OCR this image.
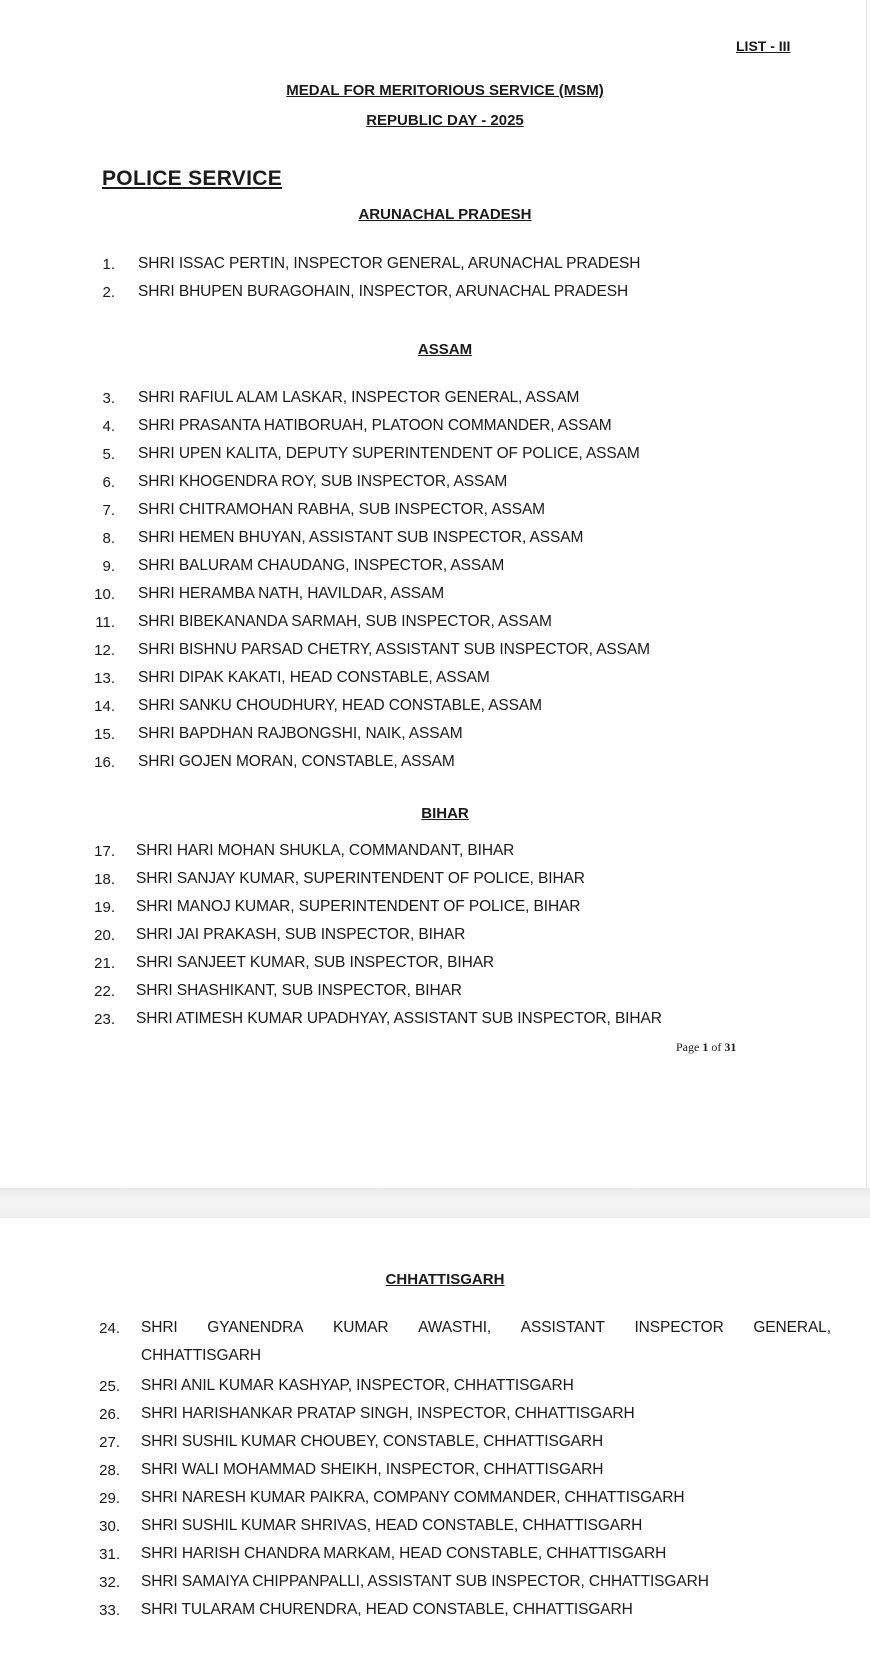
LIST - III
MEDAL FOR MERITORIOUS SERVICE (MSM)
REPUBLIC DAY - 2025
POLICE SERVICE
ARUNACHAL PRADESH
1. SHRI ISSAC PERTIN, INSPECTOR GENERAL, ARUNACHAL PRADESH
2. SHRI BHUPEN BURAGOHAIN, INSPECTOR, ARUNACHAL PRADESH
ASSAM
3. SHRI RAFIUL ALAM LASKAR, INSPECTOR GENERAL, ASSAM
4. SHRI PRASANTA HATIBORUAH, PLATOON COMMANDER, ASSAM
5. SHRI UPEN KALITA, DEPUTY SUPERINTENDENT OF POLICE, ASSAM
6. SHRI KHOGENDRA ROY, SUB INSPECTOR, ASSAM
7. SHRI CHITRAMOHAN RABHA, SUB INSPECTOR, ASSAM
8. SHRI HEMEN BHUYAN, ASSISTANT SUB INSPECTOR, ASSAM
9. SHRI BALURAM CHAUDANG, INSPECTOR, ASSAM
10. SHRI HERAMBA NATH, HAVILDAR, ASSAM
11. SHRI BIBEKANANDA SARMAH, SUB INSPECTOR, ASSAM
12. SHRI BISHNU PARSAD CHETRY, ASSISTANT SUB INSPECTOR, ASSAM
13. SHRI DIPAK KAKATI, HEAD CONSTABLE, ASSAM
14. SHRI SANKU CHOUDHURY, HEAD CONSTABLE, ASSAM
15. SHRI BAPDHAN RAJBONGSHI, NAIK, ASSAM
16. SHRI GOJEN MORAN, CONSTABLE, ASSAM
BIHAR
17. SHRI HARI MOHAN SHUKLA, COMMANDANT, BIHAR
18. SHRI SANJAY KUMAR, SUPERINTENDENT OF POLICE, BIHAR
19. SHRI MANOJ KUMAR, SUPERINTENDENT OF POLICE, BIHAR
20. SHRI JAI PRAKASH, SUB INSPECTOR, BIHAR
21. SHRI SANJEET KUMAR, SUB INSPECTOR, BIHAR
22. SHRI SHASHIKANT, SUB INSPECTOR, BIHAR
23. SHRI ATIMESH KUMAR UPADHYAY, ASSISTANT SUB INSPECTOR, BIHAR
Page 1 of 31
CHHATTISGARH
24. SHRI GYANENDRA KUMAR AWASTHI, ASSISTANT INSPECTOR GENERAL,
CHHATTISGARH
25. SHRI ANIL KUMAR KASHYAP, INSPECTOR, CHHATTISGARH
26. SHRI HARISHANKAR PRATAP SINGH, INSPECTOR, CHHATTISGARH
27. SHRI SUSHIL KUMAR CHOUBEY, CONSTABLE, CHHATTISGARH
28. SHRI WALI MOHAMMAD SHEIKH, INSPECTOR, CHHATTISGARH
29. SHRI NARESH KUMAR PAIKRA, COMPANY COMMANDER, CHHATTISGARH
30. SHRI SUSHIL KUMAR SHRIVAS, HEAD CONSTABLE, CHHATTISGARH
31. SHRI HARISH CHANDRA MARKAM, HEAD CONSTABLE, CHHATTISGARH
32. SHRI SAMAIYA CHIPPANPALLI, ASSISTANT SUB INSPECTOR, CHHATTISGARH
33. SHRI TULARAM CHURENDRA, HEAD CONSTABLE, CHHATTISGARH
